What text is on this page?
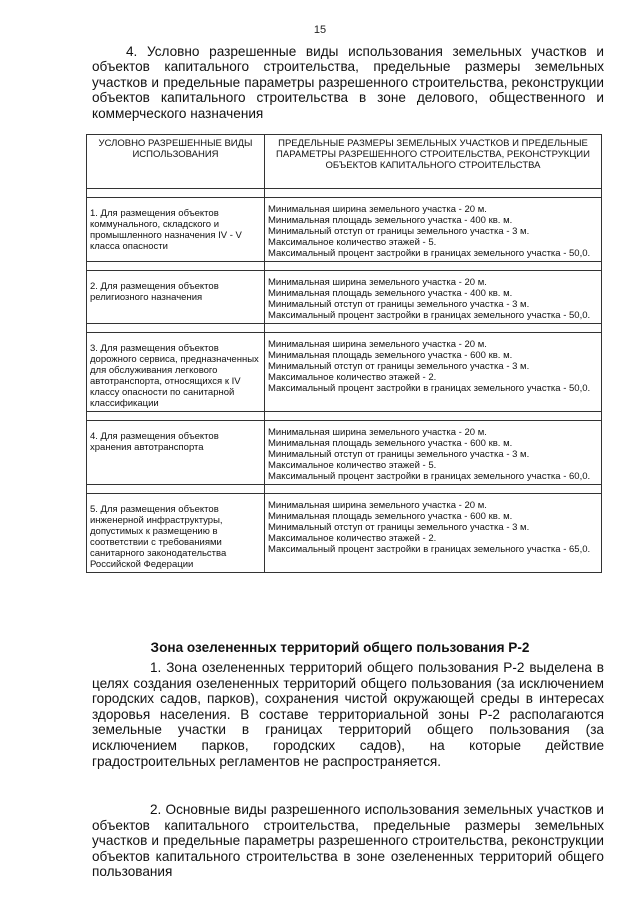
15
4. Условно разрешенные виды использования земельных участков и объектов капитального строительства, предельные размеры земельных участков и предельные параметры разрешенного строительства, реконструкции объектов капитального строительства в зоне делового, общественного и коммерческого назначения
УСЛОВНО РАЗРЕШЕННЫЕ ВИДЫ ИСПОЛЬЗОВАНИЯ	ПРЕДЕЛЬНЫЕ РАЗМЕРЫ ЗЕМЕЛЬНЫХ УЧАСТКОВ И ПРЕДЕЛЬНЫЕ ПАРАМЕТРЫ РАЗРЕШЕННОГО СТРОИТЕЛЬСТВА, РЕКОНСТРУКЦИИ ОБЪЕКТОВ КАПИТАЛЬНОГО СТРОИТЕЛЬСТВА

1. Для размещения объектов коммунального, складского и промышленного назначения IV - V класса опасности	Минимальная ширина земельного участка - 20 м.
Минимальная площадь земельного участка - 400 кв. м.
Минимальный отступ от границы земельного участка - 3 м.
Максимальное количество этажей - 5.
Максимальный процент застройки в границах земельного участка - 50,0.

2. Для размещения объектов религиозного назначения	Минимальная ширина земельного участка - 20 м.
Минимальная площадь земельного участка - 400 кв. м.
Минимальный отступ от границы земельного участка - 3 м.
Максимальный процент застройки в границах земельного участка - 50,0.

3. Для размещения объектов дорожного сервиса, предназначенных для обслуживания легкового автотранспорта, относящихся к IV классу опасности по санитарной классификации	Минимальная ширина земельного участка - 20 м.
Минимальная площадь земельного участка - 600 кв. м.
Минимальный отступ от границы земельного участка - 3 м.
Максимальное количество этажей - 2.
Максимальный процент застройки в границах земельного участка - 50,0.

4. Для размещения объектов хранения автотранспорта	Минимальная ширина земельного участка - 20 м.
Минимальная площадь земельного участка - 600 кв. м.
Минимальный отступ от границы земельного участка - 3 м.
Максимальное количество этажей - 5.
Максимальный процент застройки в границах земельного участка - 60,0.

5. Для размещения объектов инженерной инфраструктуры, допустимых к размещению в соответствии с требованиями санитарного законодательства Российской Федерации	Минимальная ширина земельного участка - 20 м.
Минимальная площадь земельного участка - 600 кв. м.
Минимальный отступ от границы земельного участка - 3 м.
Максимальное количество этажей - 2.
Максимальный процент застройки в границах земельного участка - 65,0.
Зона озелененных территорий общего пользования Р-2
1. Зона озелененных территорий общего пользования Р-2 выделена в целях создания озелененных территорий общего пользования (за исключением городских садов, парков), сохранения чистой окружающей среды в интересах здоровья населения. В составе территориальной зоны Р-2 располагаются земельные участки в границах территорий общего пользования (за исключением парков, городских садов), на которые действие градостроительных регламентов не распространяется.
2. Основные виды разрешенного использования земельных участков и объектов капитального строительства, предельные размеры земельных участков и предельные параметры разрешенного строительства, реконструкции объектов капитального строительства в зоне озелененных территорий общего пользования
